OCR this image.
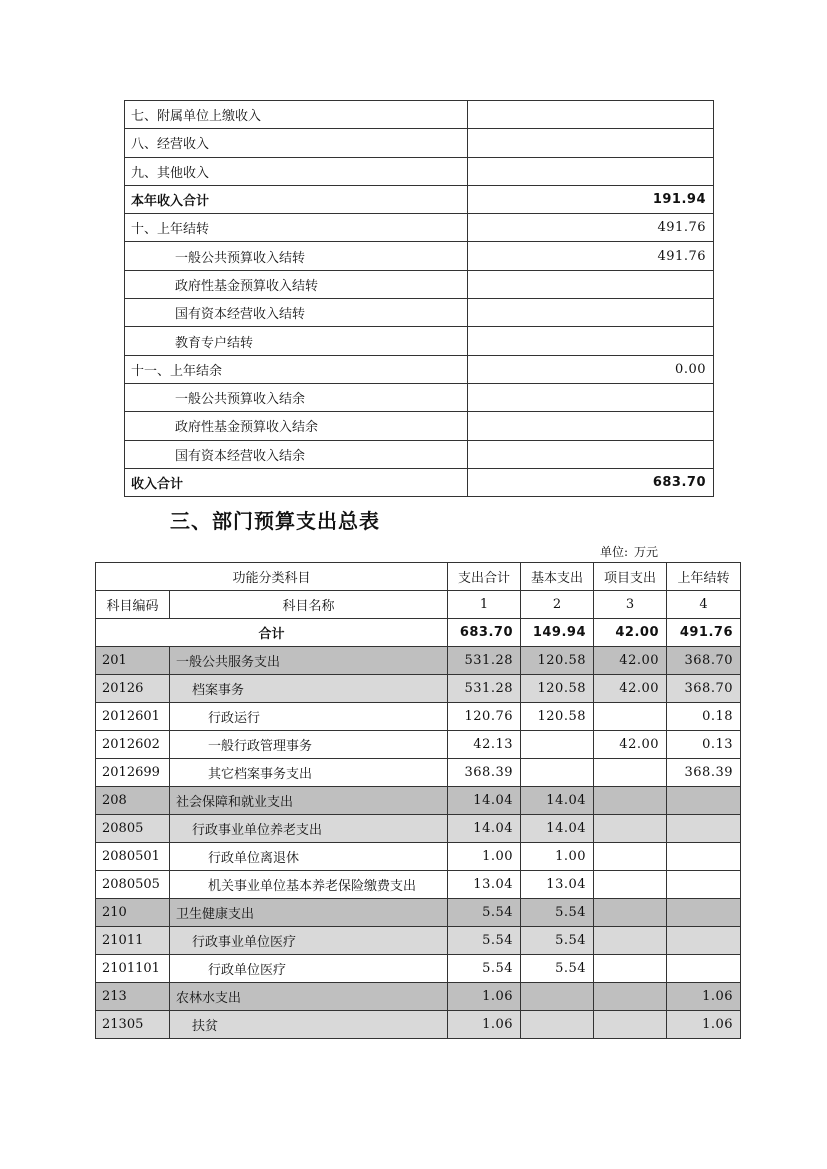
七、附属单位上缴收入	
八、经营收入	
九、其他收入	
本年收入合计	191.94
十、上年结转	491.76
一般公共预算收入结转	491.76
政府性基金预算收入结转	
国有资本经营收入结转	
教育专户结转	
十一、上年结余	0.00
一般公共预算收入结余	
政府性基金预算收入结余	
国有资本经营收入结余	
收入合计	683.70
三、部门预算支出总表
单位: 万元
功能分类科目		支出合计	基本支出	项目支出	上年结转
科目编码	科目名称	1	2	3	4
合计		683.70	149.94	42.00	491.76
201	一般公共服务支出	531.28	120.58	42.00	368.70
20126	档案事务	531.28	120.58	42.00	368.70
2012601	行政运行	120.76	120.58		0.18
2012602	一般行政管理事务	42.13		42.00	0.13
2012699	其它档案事务支出	368.39			368.39
208	社会保障和就业支出	14.04	14.04		
20805	行政事业单位养老支出	14.04	14.04		
2080501	行政单位离退休	1.00	1.00		
2080505	机关事业单位基本养老保险缴费支出	13.04	13.04		
210	卫生健康支出	5.54	5.54		
21011	行政事业单位医疗	5.54	5.54		
2101101	行政单位医疗	5.54	5.54		
213	农林水支出	1.06			1.06
21305	扶贫	1.06			1.06
